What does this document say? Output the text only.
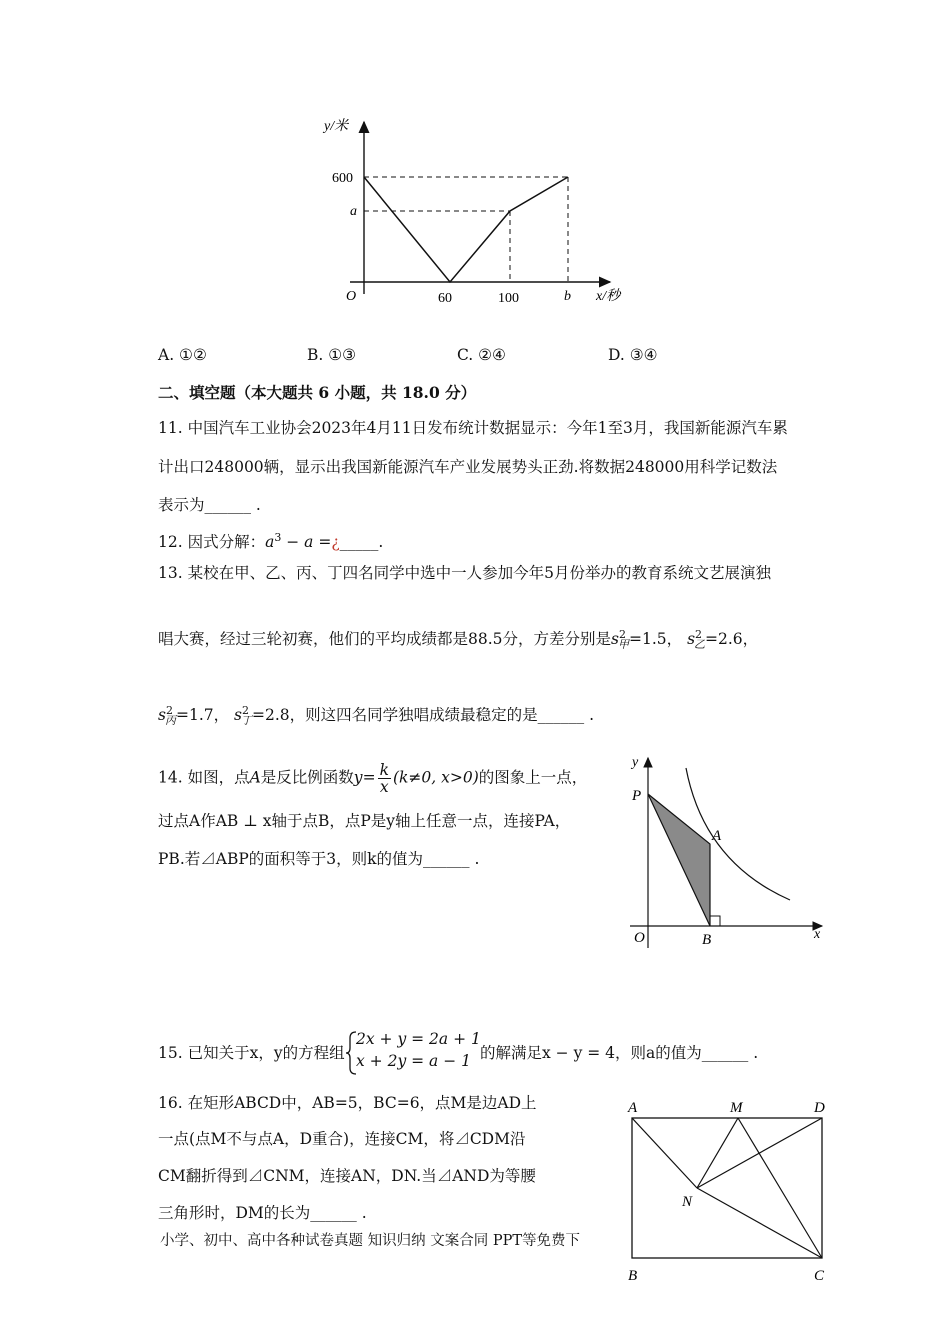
y/米
x/秒
600
a
O	60	100	b
A. ①②	B. ①③	C. ②④	D. ③④
二、填空题（本大题共 6 小题，共 18.0 分）
11. 中国汽车工业协会2023年4月11日发布统计数据显示：今年1至3月，我国新能源汽车累
计出口248000辆，显示出我国新能源汽车产业发展势头正劲.将数据248000用科学记数法
表示为______ .
12. 因式分解：$a^3 - a$ =¿_____.
13. 某校在甲、乙、丙、丁四名同学中选中一人参加今年5月份举办的教育系统文艺展演独
唱大赛，经过三轮初赛，他们的平均成绩都是88.5分，方差分别是$s^2_甲=1.5$， $s^2_乙=2.6$，
$s^2_丙=1.7$， $s^2_丁=2.8$，则这四名同学独唱成绩最稳定的是______ .
14. 如图，点A是反比例函数$y= \frac{k}{x} (k\ne 0$, x>0)的图象上一点，
过点A作AB ⊥ x轴于点B，点P是y轴上任意一点，连接PA，
PB.若⊿ABP的面积等于3，则k的值为______ .
y
P
A
O	B	x
15. 已知关于x，y的方程组
2x + y = 2a + 1
x + 2y = a − 1 的解满足x − y = 4，则a的值为______ .
16. 在矩形ABCD中，AB=5，BC=6，点M是边AD上
一点(点M不与点A，D重合)，连接CM，将⊿CDM沿
CM翻折得到⊿CNM，连接AN，DN.当⊿AND为等腰
三角形时，DM的长为______ .
小学、初中、高中各种试卷真题 知识归纳 文案合同 PPT等免费下
A	M	D
N
B	C
